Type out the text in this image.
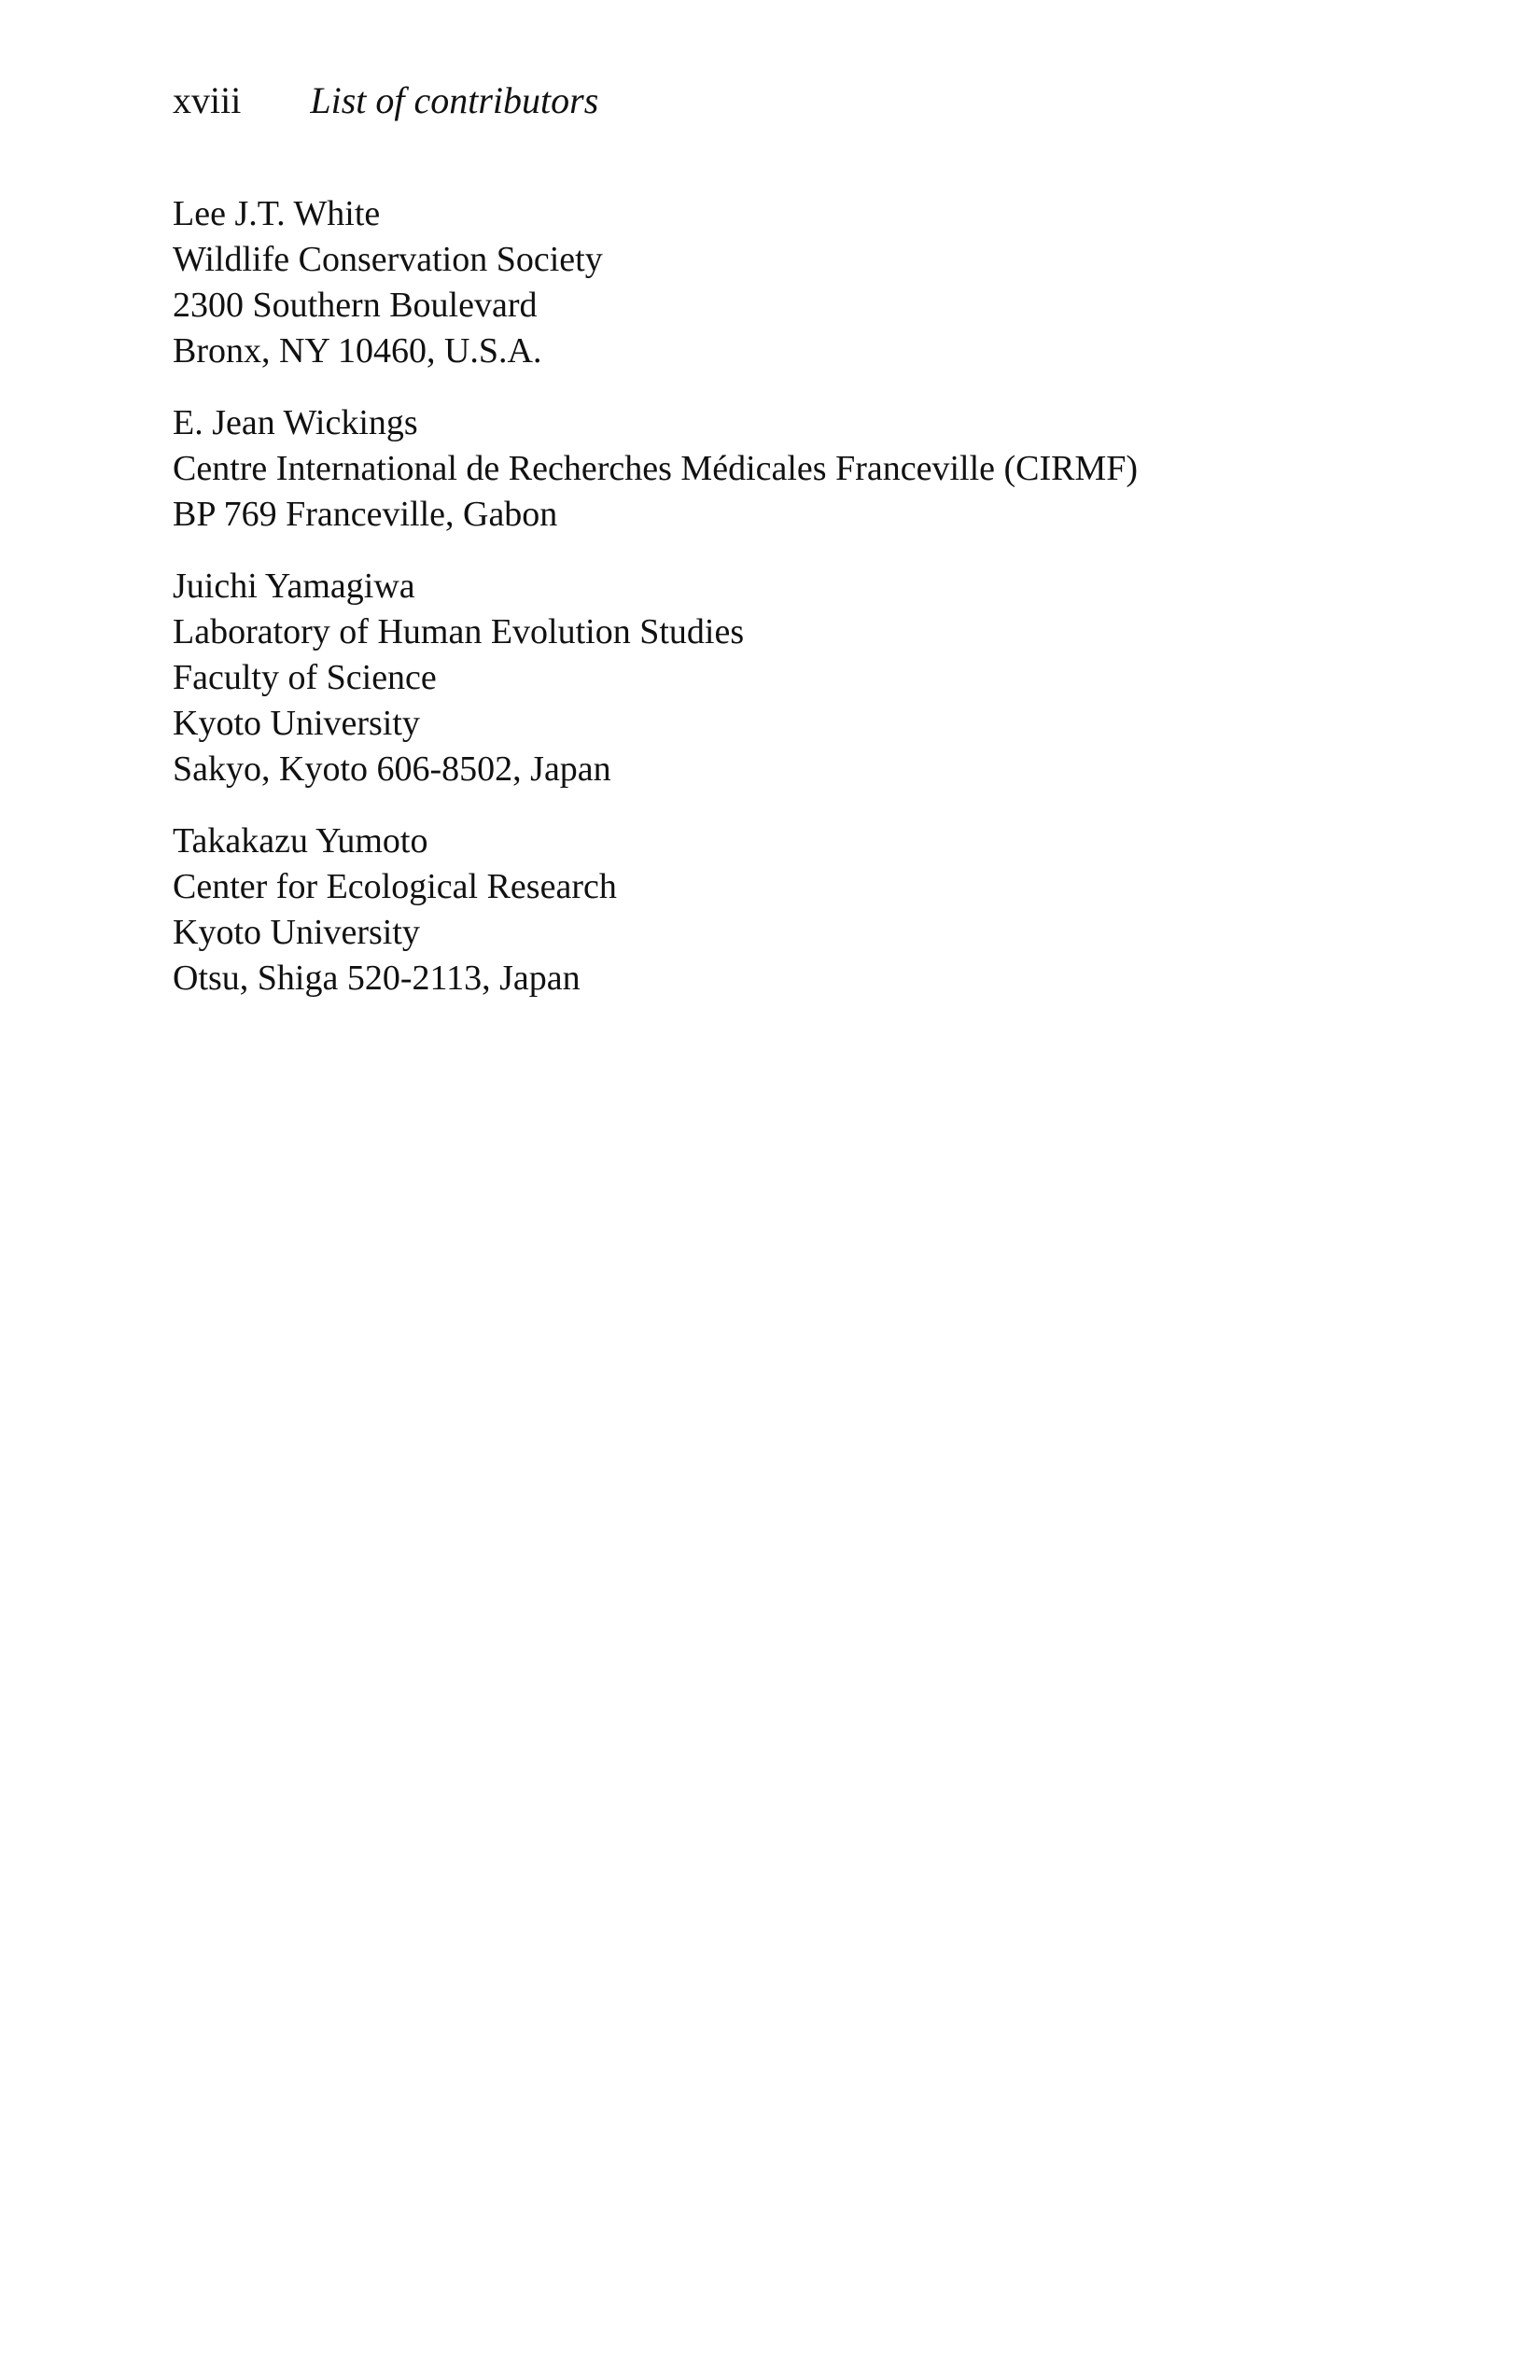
xviii List of contributors
Lee J.T. White
Wildlife Conservation Society
2300 Southern Boulevard
Bronx, NY 10460, U.S.A.
E. Jean Wickings
Centre International de Recherches Médicales Franceville (CIRMF)
BP 769 Franceville, Gabon
Juichi Yamagiwa
Laboratory of Human Evolution Studies
Faculty of Science
Kyoto University
Sakyo, Kyoto 606-8502, Japan
Takakazu Yumoto
Center for Ecological Research
Kyoto University
Otsu, Shiga 520-2113, Japan
